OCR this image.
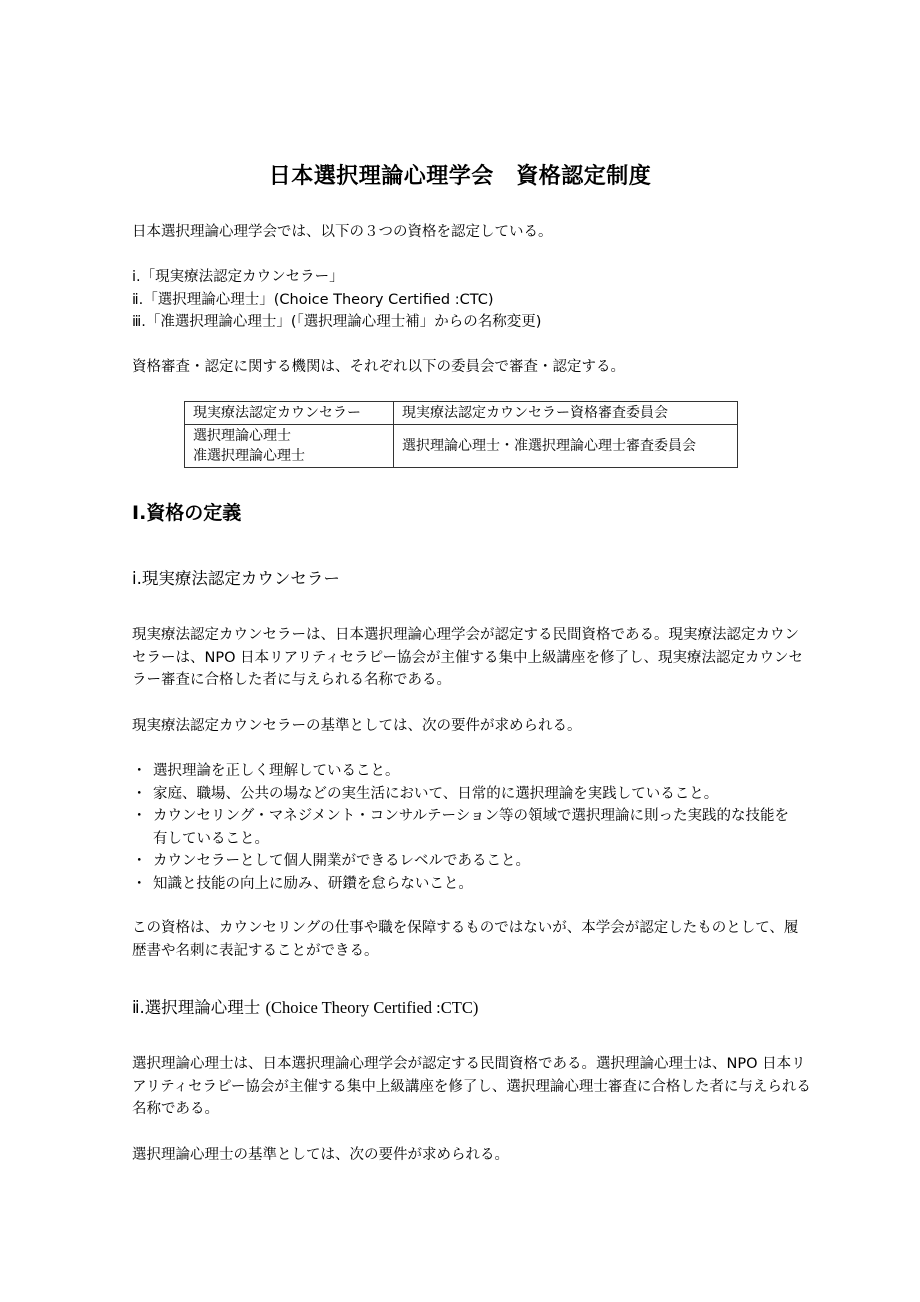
日本選択理論心理学会　資格認定制度
日本選択理論心理学会では、以下の３つの資格を認定している。
ⅰ.「現実療法認定カウンセラー」
ⅱ.「選択理論心理士」(Choice Theory Certified :CTC)
ⅲ.「准選択理論心理士」(「選択理論心理士補」からの名称変更)
資格審査・認定に関する機関は、それぞれ以下の委員会で審査・認定する。
現実療法認定カウンセラー	現実療法認定カウンセラー資格審査委員会

選択理論心理士
准選択理論心理士	選択理論心理士・准選択理論心理士審査委員会
Ⅰ.資格の定義
ⅰ.現実療法認定カウンセラー
現実療法認定カウンセラーは、日本選択理論心理学会が認定する民間資格である。現実療法認定カウンセラーは、NPO 日本リアリティセラピー協会が主催する集中上級講座を修了し、現実療法認定カウンセラー審査に合格した者に与えられる名称である。
現実療法認定カウンセラーの基準としては、次の要件が求められる。
・ 選択理論を正しく理解していること。
・ 家庭、職場、公共の場などの実生活において、日常的に選択理論を実践していること。
・ カウンセリング・マネジメント・コンサルテーション等の領域で選択理論に則った実践的な技能を有していること。
・ カウンセラーとして個人開業ができるレベルであること。
・ 知識と技能の向上に励み、研鑽を怠らないこと。
この資格は、カウンセリングの仕事や職を保障するものではないが、本学会が認定したものとして、履歴書や名刺に表記することができる。
ⅱ.選択理論心理士 (Choice Theory Certified :CTC)
選択理論心理士は、日本選択理論心理学会が認定する民間資格である。選択理論心理士は、NPO 日本リアリティセラピー協会が主催する集中上級講座を修了し、選択理論心理士審査に合格した者に与えられる名称である。
選択理論心理士の基準としては、次の要件が求められる。
